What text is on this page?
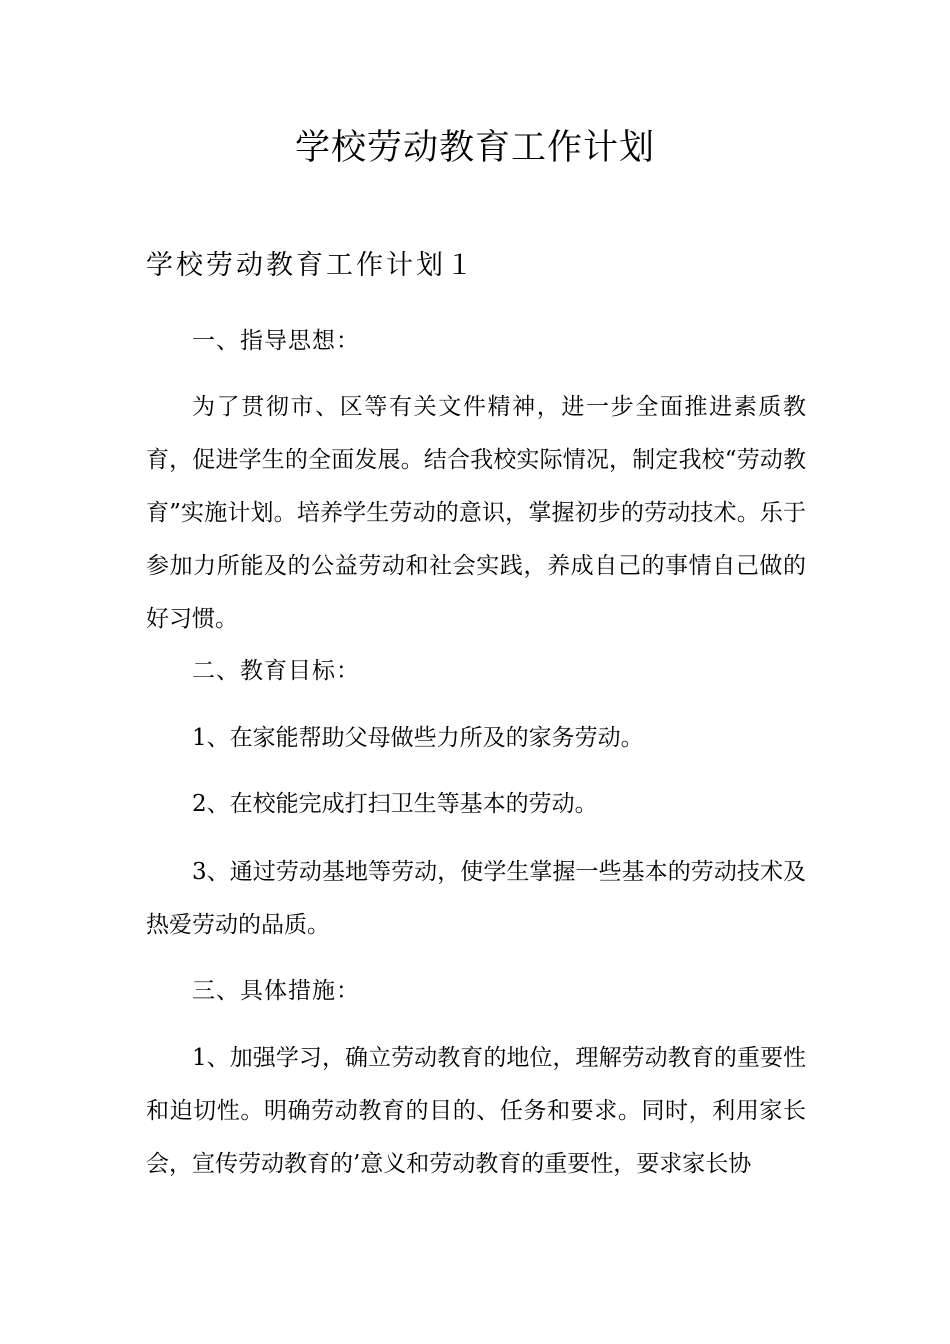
学校劳动教育工作计划
学校劳动教育工作计划１

一、指导思想：

为了贯彻市、区等有关文件精神，进一步全面推进素质教育，促进学生的全面发展。结合我校实际情况，制定我校“劳动教育”实施计划。培养学生劳动的意识，掌握初步的劳动技术。乐于参加力所能及的公益劳动和社会实践，养成自己的事情自己做的好习惯。

二、教育目标：

1、在家能帮助父母做些力所及的家务劳动。

2、在校能完成打扫卫生等基本的劳动。

3、通过劳动基地等劳动，使学生掌握一些基本的劳动技术及热爱劳动的品质。

三、具体措施：

1、加强学习，确立劳动教育的地位，理解劳动教育的重要性和迫切性。明确劳动教育的目的、任务和要求。同时，利用家长会，宣传劳动教育的’意义和劳动教育的重要性，要求家长协
